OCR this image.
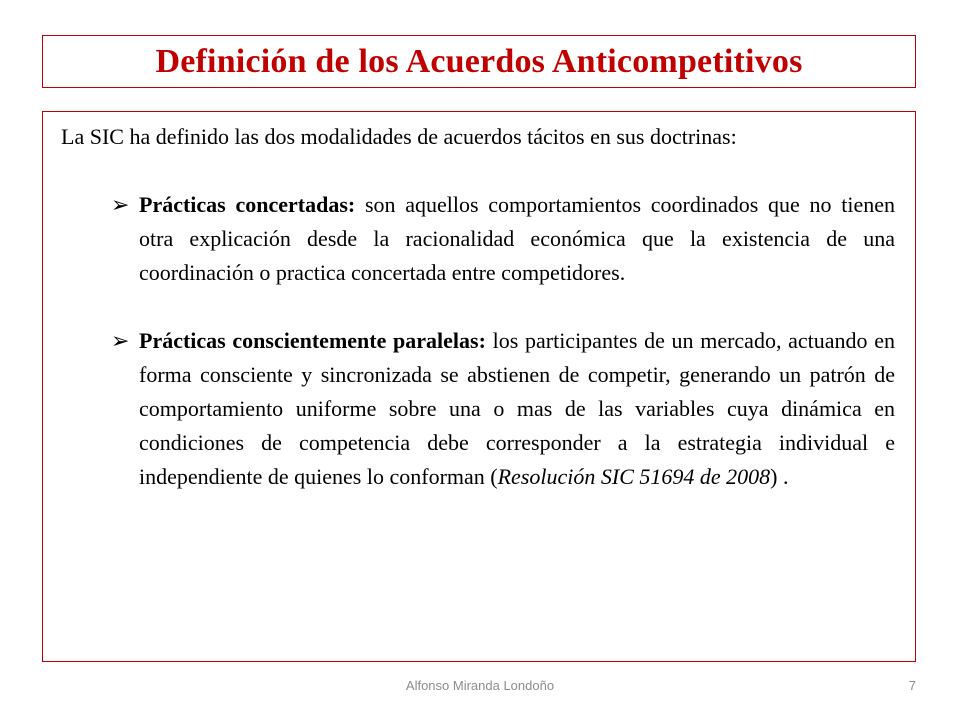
Definición de los Acuerdos Anticompetitivos

La SIC ha definido las dos modalidades de acuerdos tácitos en sus doctrinas:

➢ Prácticas concertadas: son aquellos comportamientos coordinados que no tienen otra explicación desde la racionalidad económica que la existencia de una coordinación o practica concertada entre competidores.
➢ Prácticas conscientemente paralelas: los participantes de un mercado, actuando en forma consciente y sincronizada se abstienen de competir, generando un patrón de comportamiento uniforme sobre una o mas de las variables cuya dinámica en condiciones de competencia debe corresponder a la estrategia individual e independiente de quienes lo conforman (Resolución SIC 51694 de 2008) .
Alfonso Miranda Londoño	7
